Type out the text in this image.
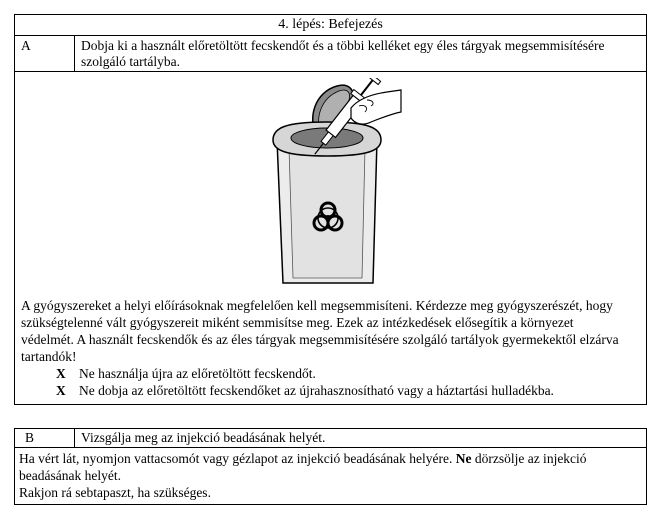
4. lépés: Befejezés
A	Dobja ki a használt előretöltött fecskendőt és a többi kelléket egy éles tárgyak megsemmisítésére szolgáló tartályba.
A gyógyszereket a helyi előírásoknak megfelelően kell megsemmisíteni. Kérdezze meg gyógyszerészét, hogy szükségtelenné vált gyógyszereit miként semmisítse meg. Ezek az intézkedések elősegítik a környezet védelmét. A használt fecskendők és az éles tárgyak megsemmisítésére szolgáló tartályok gyermekektől elzárva tartandók!
X Ne használja újra az előretöltött fecskendőt.
X Ne dobja az előretöltött fecskendőket az újrahasznosítható vagy a háztartási hulladékba.
B	Vizsgálja meg az injekció beadásának helyét.
Ha vért lát, nyomjon vattacsomót vagy gézlapot az injekció beadásának helyére. Ne dörzsölje az injekció beadásának helyét.
Rakjon rá sebtapaszt, ha szükséges.
